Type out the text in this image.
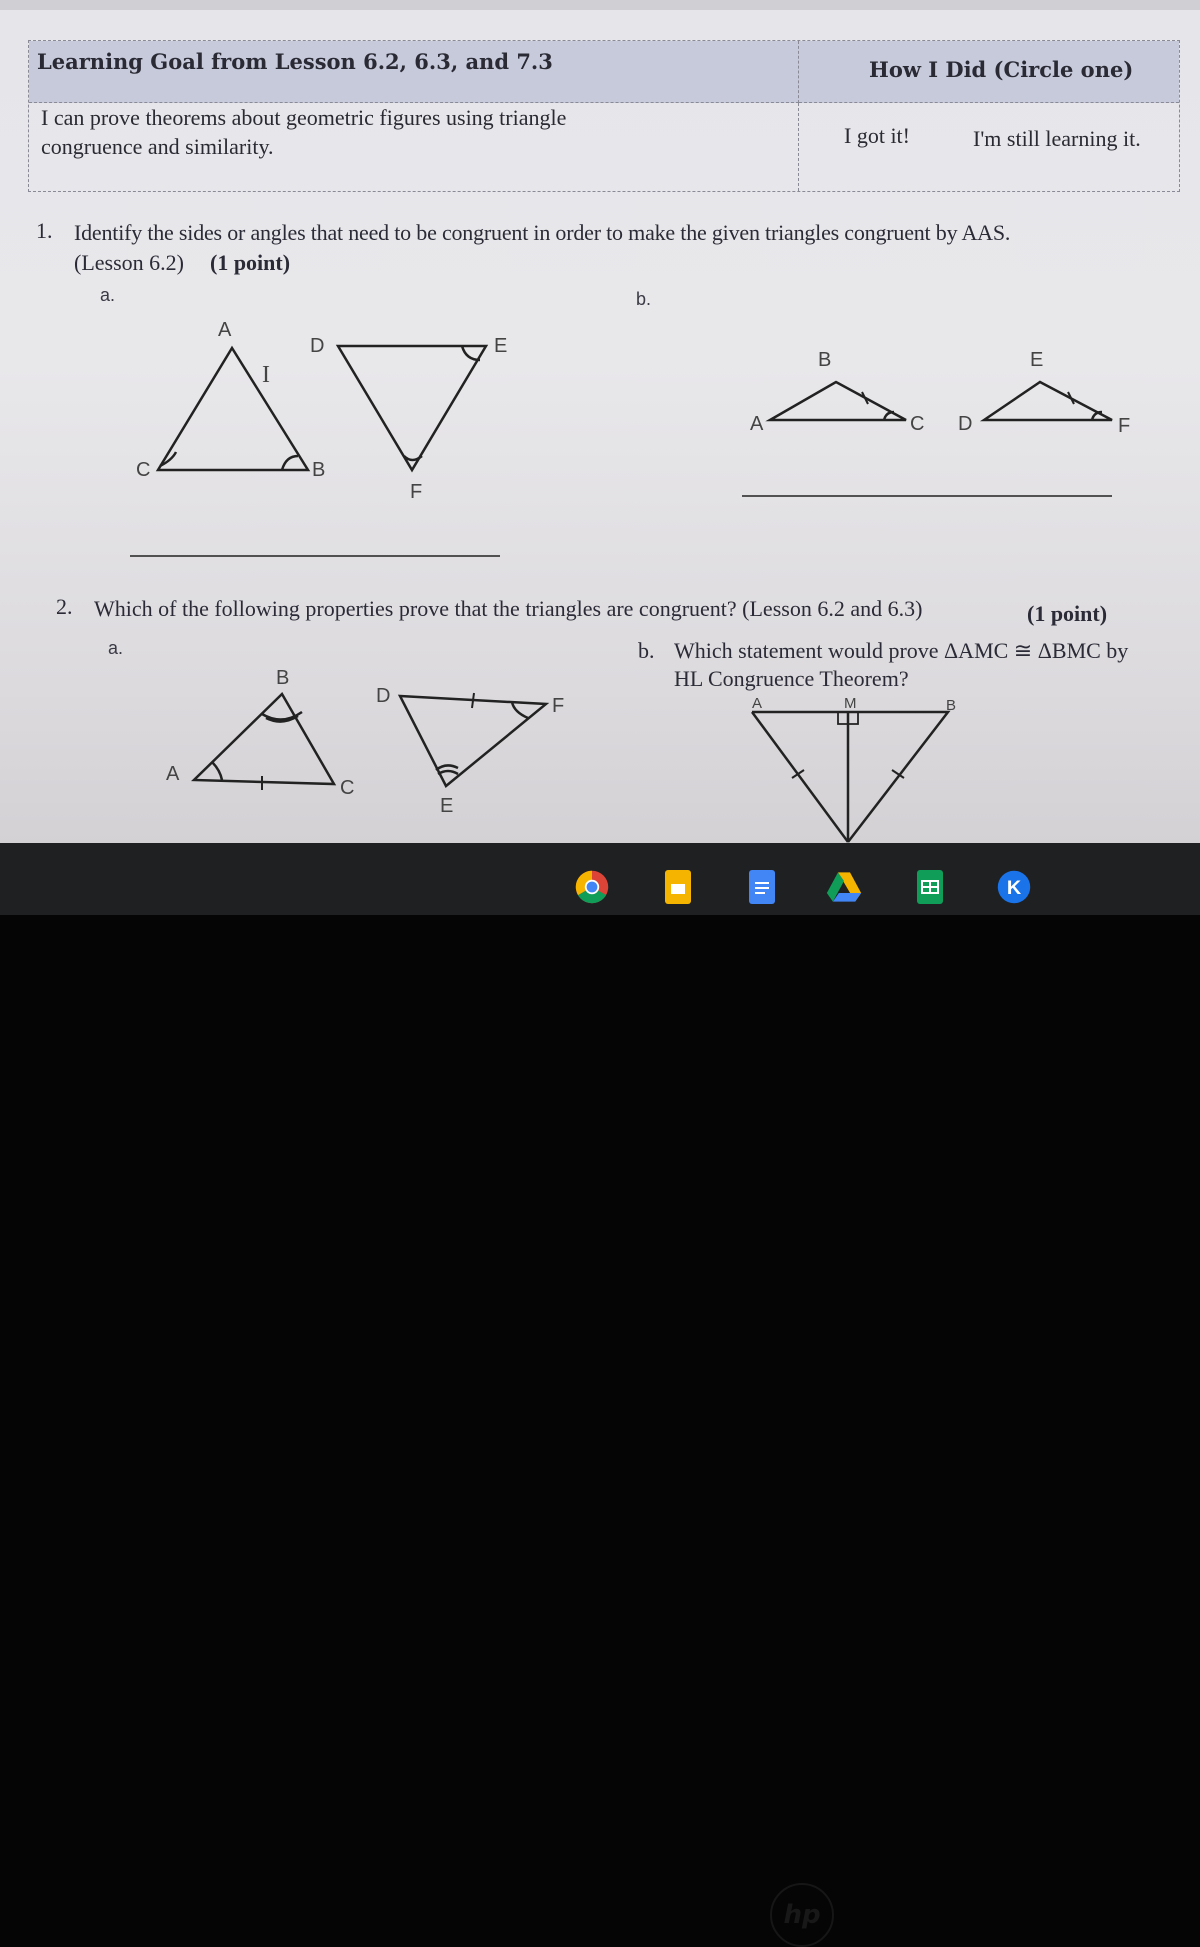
Learning Goal from Lesson 6.2, 6.3, and 7.3	How I Did (Circle one)
I can prove theorems about geometric figures using triangle
congruence and similarity.	I got it!	I'm still learning it.
1. Identify the sides or angles that need to be congruent in order to make the given triangles congruent by AAS.
(Lesson 6.2) (1 point)
a.	b.
2. Which of the following properties prove that the triangles are congruent? (Lesson 6.2 and 6.3)	(1 point)
a.	b. Which statement would prove ΔAMC ≅ ΔBMC by
HL Congruence Theorem?
I
A
B
C
D	E
F
A
B
C D
E
F
A
B
C
D
E
F	A	M	B
K
hp
